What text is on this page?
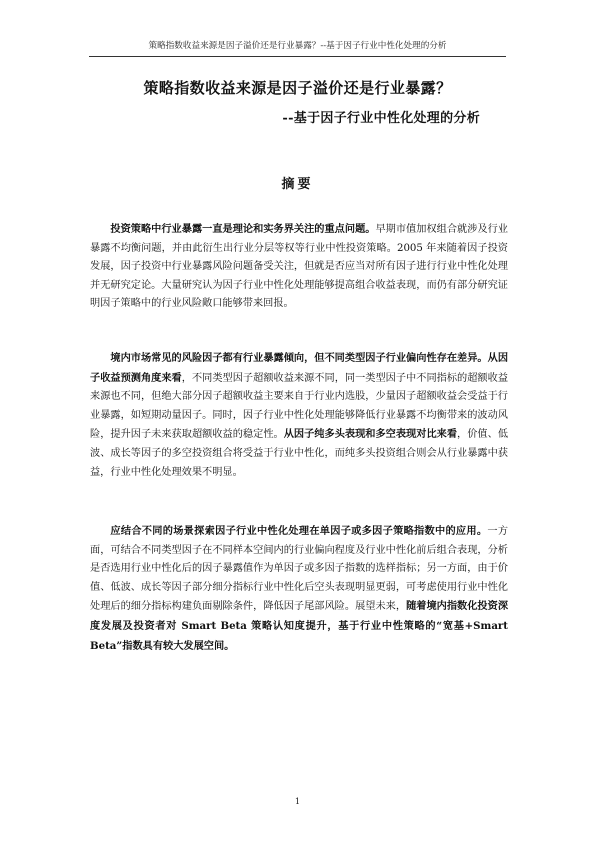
策略指数收益来源是因子溢价还是行业暴露？--基于因子行业中性化处理的分析
策略指数收益来源是因子溢价还是行业暴露？
--基于因子行业中性化处理的分析
摘要

投资策略中行业暴露一直是理论和实务界关注的重点问题。早期市值加权组合就涉及行业暴露不均衡问题，并由此衍生出行业分层等权等行业中性投资策略。2005 年来随着因子投资发展，因子投资中行业暴露风险问题备受关注，但就是否应当对所有因子进行行业中性化处理并无研究定论。大量研究认为因子行业中性化处理能够提高组合收益表现，而仍有部分研究证明因子策略中的行业风险敞口能够带来回报。

境内市场常见的风险因子都有行业暴露倾向，但不同类型因子行业偏向性存在差异。从因子收益预测角度来看，不同类型因子超额收益来源不同，同一类型因子中不同指标的超额收益来源也不同，但绝大部分因子超额收益主要来自于行业内选股，少量因子超额收益会受益于行业暴露，如短期动量因子。同时，因子行业中性化处理能够降低行业暴露不均衡带来的波动风险，提升因子未来获取超额收益的稳定性。从因子纯多头表现和多空表现对比来看，价值、低波、成长等因子的多空投资组合将受益于行业中性化，而纯多头投资组合则会从行业暴露中获益，行业中性化处理效果不明显。

应结合不同的场景探索因子行业中性化处理在单因子或多因子策略指数中的应用。一方面，可结合不同类型因子在不同样本空间内的行业偏向程度及行业中性化前后组合表现，分析是否选用行业中性化后的因子暴露值作为单因子或多因子指数的选样指标；另一方面，由于价值、低波、成长等因子部分细分指标行业中性化后空头表现明显更弱，可考虑使用行业中性化处理后的细分指标构建负面剔除条件，降低因子尾部风险。展望未来，随着境内指数化投资深度发展及投资者对 Smart Beta 策略认知度提升，基于行业中性策略的“宽基+Smart Beta”指数具有较大发展空间。

1
